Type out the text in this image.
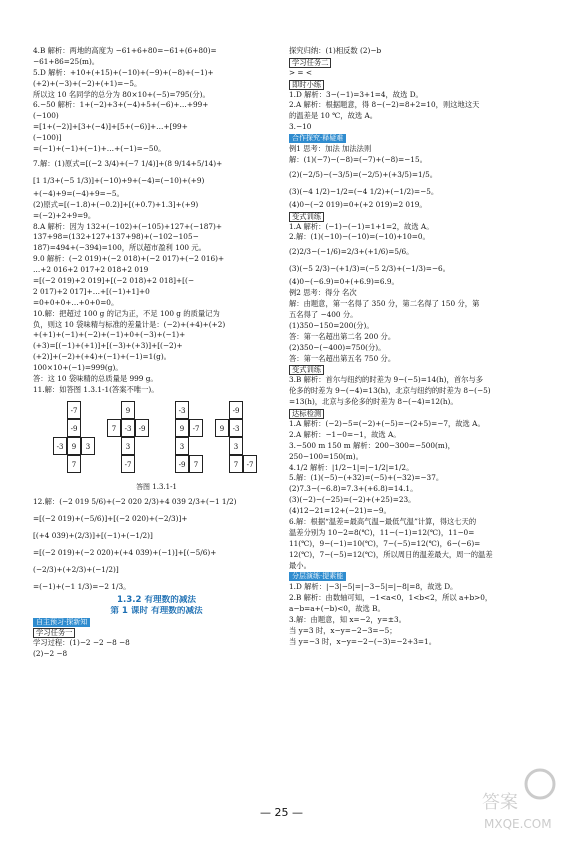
4.B 解析：两地的高度为 −61+6+80=−61+(6+80)=
−61+86=25(m)。
5.D 解析：+10+(+15)+(−10)+(−9)+(−8)+(−1)+
(+2)+(−3)+(−2)+(+1)=−5。
所以这 10 名同学的总分为 80×10+(−5)=795(分)。
6.−50 解析：1+(−2)+3+(−4)+5+(−6)+…+99+
(−100)
=[1+(−2)]+[3+(−4)]+[5+(−6)]+…+[99+
(−100)]
=(−1)+(−1)+(−1)+…+(−1)=−50。
7.解：(1)原式=[(−2 3/4)+(−7 1/4)]+(8 9/14+5/14)+
[1 1/3+(−5 1/3)]+(−10)+9+(−4)=(−10)+(+9)
+(−4)+9=(−4)+9=−5。
(2)原式=[(−1.8)+(−0.2)]+[(+0.7)+1.3]+(+9)
=(−2)+2+9=9。
8.A 解析：因为 132+(−102)+(−105)+127+(−187)+
137+98=(132+127+137+98)+(−102−105−
187)=494+(−394)=100，所以超市盈利 100 元。
9.0 解析：(−2 019)+(−2 018)+(−2 017)+(−2 016)+
…+2 016+2 017+2 018+2 019
=[(−2 019)+2 019]+[(−2 018)+2 018]+[(−
2 017)+2 017]+…+[(−1)+1]+0
=0+0+0+…+0+0=0。
10.解：把超过 100 g 的记为正，不足 100 g 的质量记为
负，则这 10 袋味精与标准的差量计是：(−2)+(+4)+(+2)
+(+1)+(−1)+(−2)+(−1)+0+(−3)+(−1)+
(+3)=[(−1)+(+1)]+[(−3)+(+3)]+[(−2)+
(+2)]+(−2)+(+4)+(−1)+(−1)=1(g)。
100×10+(−1)=999(g)。
答：这 10 袋味精的总质量是 999 g。
11.解：如答图 1.3.1-1(答案不唯一)。
-7
-9
-3	9	3
7
9
7	-3	-9
3
-7
-3
9	-7
3
-9	7
-9
9	-3
3
7	-7
答图 1.3.1-1
12.解：(−2 019 5/6)+(−2 020 2/3)+4 039 2/3+(−1 1/2)
=[(−2 019)+(−5/6)]+[(−2 020)+(−2/3)]+
[(+4 039)+(2/3)]+[(−1)+(−1/2)]
=[(−2 019)+(−2 020)+(+4 039)+(−1)]+[(−5/6)+
(−2/3)+(+2/3)+(−1/2)]
=(−1)+(−1 1/3)=−2 1/3。
1.3.2 有理数的减法
第 1 课时 有理数的减法
自主预习·探新知
学习任务一
学习过程：(1)−2 −2 −8 −8
(2)−2 −8
探究归纳：(1)相反数 (2)−b
学习任务二
> = <
即时小练
1.D 解析：3−(−1)=3+1=4，故选 D。
2.A 解析：根据题意，得 8−(−2)=8+2=10，则这地这天
的温差是 10 ℃，故选 A。
3.−10
合作探究·释疑难
例1 思考：加法 加法法则
解：(1)(−7)−(−8)=(−7)+(−8)=−15。
(2)(−2/5)−(−3/5)=(−2/5)+(+3/5)=1/5。
(3)(−4 1/2)−1/2=(−4 1/2)+(−1/2)=−5。
(4)0−(−2 019)=0+(+2 019)=2 019。
变式训练
1.A 解析：(−1)−(−1)=1+1=2，故选 A。
2.解：(1)(−10)−(−10)=(−10)+10=0。
(2)2/3−(−1/6)=2/3+(+1/6)=5/6。
(3)(−5 2/3)−(+1/3)=(−5 2/3)+(−1/3)=−6。
(4)0−(−6.9)=0+(+6.9)=6.9。
例2 思考：得分 名次
解：由题意，第一名得了 350 分，第二名得了 150 分，第
五名得了 −400 分。
(1)350−150=200(分)。
答：第一名超出第二名 200 分。
(2)350−(−400)=750(分)。
答：第一名超出第五名 750 分。
变式训练
3.B 解析：首尔与纽约的时差为 9−(−5)=14(h)，首尔与多
伦多的时差为 9−(−4)=13(h)，北京与纽约的时差为 8−(−5)
=13(h)，北京与多伦多的时差为 8−(−4)=12(h)。
达标检测
1.A 解析：(−2)−5=(−2)+(−5)=−(2+5)=−7，故选 A。
2.A 解析：−1−0=−1，故选 A。
3.−500 m 150 m 解析：200−300=−500(m)，
250−100=150(m)。
4.1/2 解析：|1/2−1|=|−1/2|=1/2。
5.解：(1)(−5)−(+32)=(−5)+(−32)=−37。
(2)7.3−(−6.8)=7.3+(+6.8)=14.1。
(3)(−2)−(−25)=(−2)+(+25)=23。
(4)12−21=12+(−21)=−9。
6.解：根据“温差=最高气温−最低气温”计算，得这七天的
温差分别为 10−2=8(℃)，11−(−1)=12(℃)，11−0=
11(℃)，9−(−1)=10(℃)，7−(−5)=12(℃)，6−(−6)=
12(℃)，7−(−5)=12(℃)，所以周日的温差最大，周一的温差
最小。
分层演练·提素能
1.D 解析：|−3|−5|=|−3−5|=|−8|=8，故选 D。
2.B 解析：由数轴可知，−1<a<0，1<b<2，所以 a+b>0，
a−b=a+(−b)<0，故选 B。
3.解：由题意，知 x=−2，y=±3。
当 y=3 时，x−y=−2−3=−5；
当 y=−3 时，x−y=−2−(−3)=−2+3=1。
— 25 —	答案
MXQE.COM
